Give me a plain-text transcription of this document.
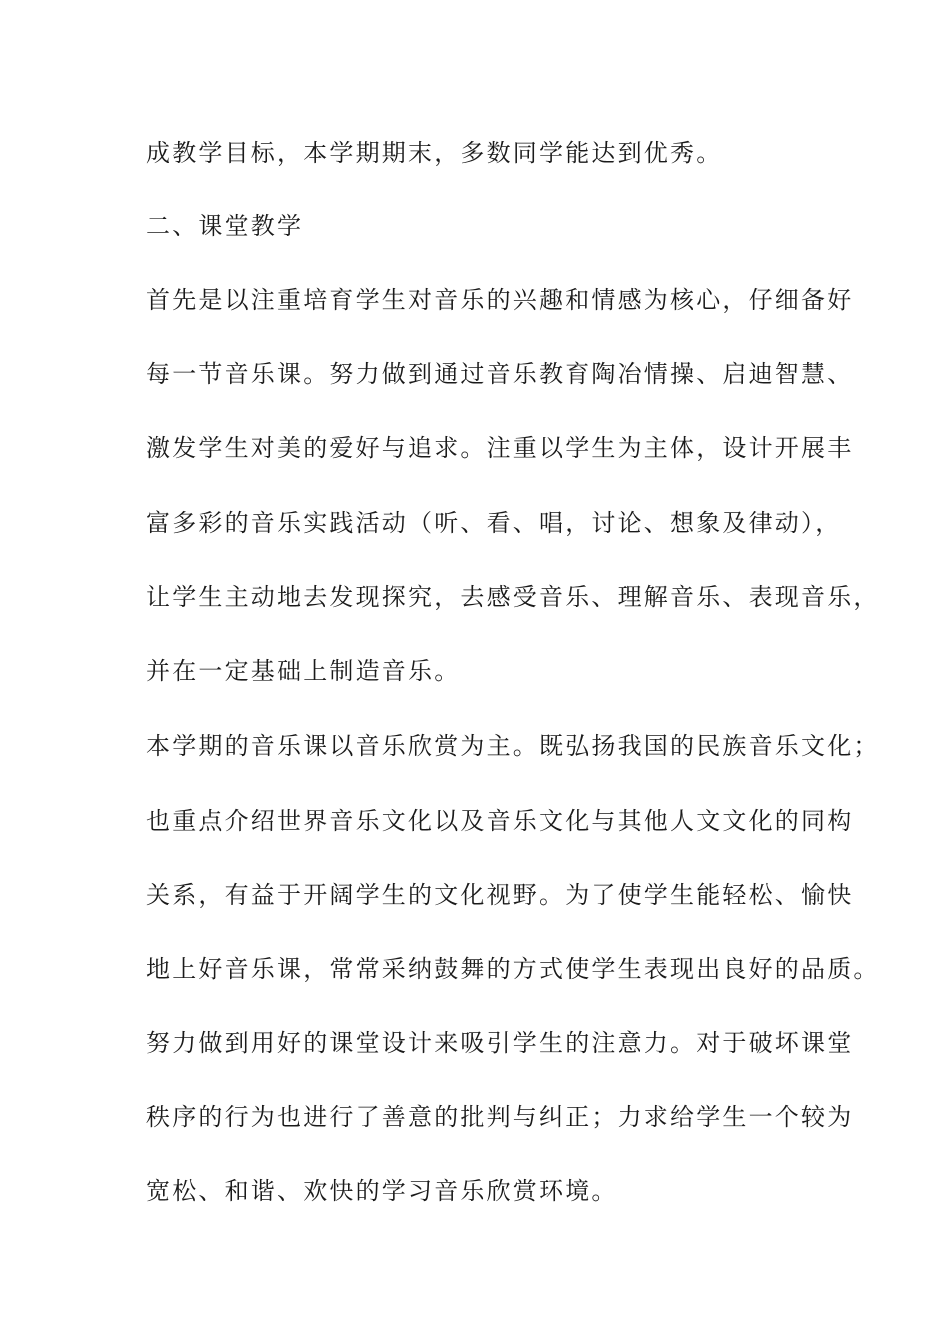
成教学目标，本学期期末，多数同学能达到优秀。
二、课堂教学
首先是以注重培育学生对音乐的兴趣和情感为核心，仔细备好
每一节音乐课。努力做到通过音乐教育陶冶情操、启迪智慧、
激发学生对美的爱好与追求。注重以学生为主体，设计开展丰
富多彩的音乐实践活动（听、看、唱，讨论、想象及律动），
让学生主动地去发现探究，去感受音乐、理解音乐、表现音乐，
并在一定基础上制造音乐。
本学期的音乐课以音乐欣赏为主。既弘扬我国的民族音乐文化；
也重点介绍世界音乐文化以及音乐文化与其他人文文化的同构
关系，有益于开阔学生的文化视野。为了使学生能轻松、愉快
地上好音乐课，常常采纳鼓舞的方式使学生表现出良好的品质。
努力做到用好的课堂设计来吸引学生的注意力。对于破坏课堂
秩序的行为也进行了善意的批判与纠正；力求给学生一个较为
宽松、和谐、欢快的学习音乐欣赏环境。
